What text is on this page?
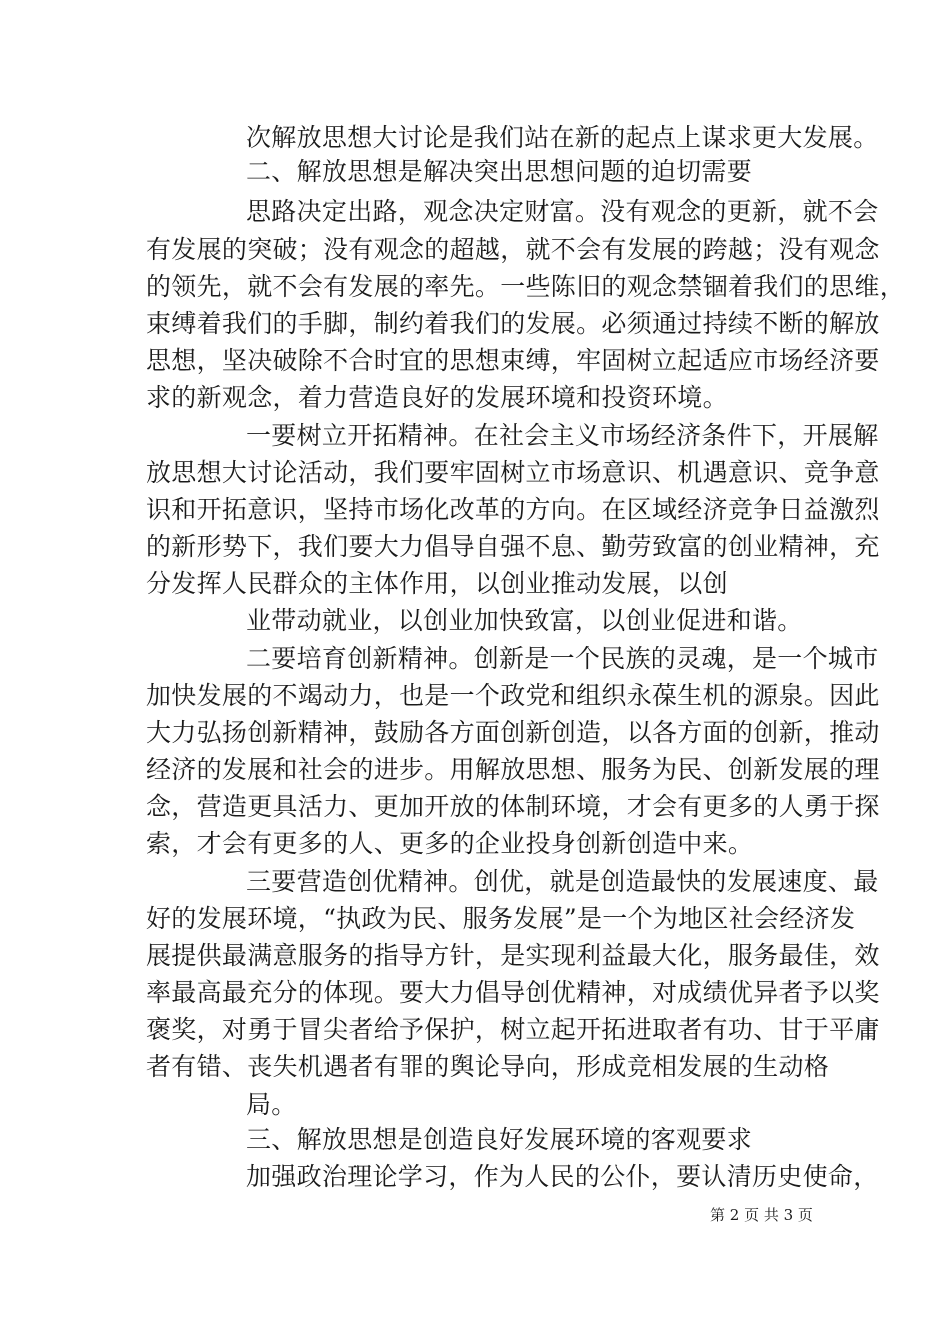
次解放思想大讨论是我们站在新的起点上谋求更大发展。
二、解放思想是解决突出思想问题的迫切需要
思路决定出路，观念决定财富。没有观念的更新，就不会
有发展的突破；没有观念的超越，就不会有发展的跨越；没有观念
的领先，就不会有发展的率先。一些陈旧的观念禁锢着我们的思维，
束缚着我们的手脚，制约着我们的发展。必须通过持续不断的解放
思想，坚决破除不合时宜的思想束缚，牢固树立起适应市场经济要
求的新观念，着力营造良好的发展环境和投资环境。
一要树立开拓精神。在社会主义市场经济条件下，开展解
放思想大讨论活动，我们要牢固树立市场意识、机遇意识、竞争意
识和开拓意识，坚持市场化改革的方向。在区域经济竞争日益激烈
的新形势下，我们要大力倡导自强不息、勤劳致富的创业精神，充
分发挥人民群众的主体作用，以创业推动发展，以创
业带动就业，以创业加快致富，以创业促进和谐。
二要培育创新精神。创新是一个民族的灵魂，是一个城市
加快发展的不竭动力，也是一个政党和组织永葆生机的源泉。因此
大力弘扬创新精神，鼓励各方面创新创造，以各方面的创新，推动
经济的发展和社会的进步。用解放思想、服务为民、创新发展的理
念，营造更具活力、更加开放的体制环境，才会有更多的人勇于探
索，才会有更多的人、更多的企业投身创新创造中来。
三要营造创优精神。创优，就是创造最快的发展速度、最
好的发展环境，“执政为民、服务发展”是一个为地区社会经济发
展提供最满意服务的指导方针，是实现利益最大化，服务最佳，效
率最高最充分的体现。要大力倡导创优精神，对成绩优异者予以奖
褒奖，对勇于冒尖者给予保护，树立起开拓进取者有功、甘于平庸
者有错、丧失机遇者有罪的舆论导向，形成竞相发展的生动格
局。
三、解放思想是创造良好发展环境的客观要求
加强政治理论学习，作为人民的公仆，要认清历史使命，
第 2 页 共 3 页
